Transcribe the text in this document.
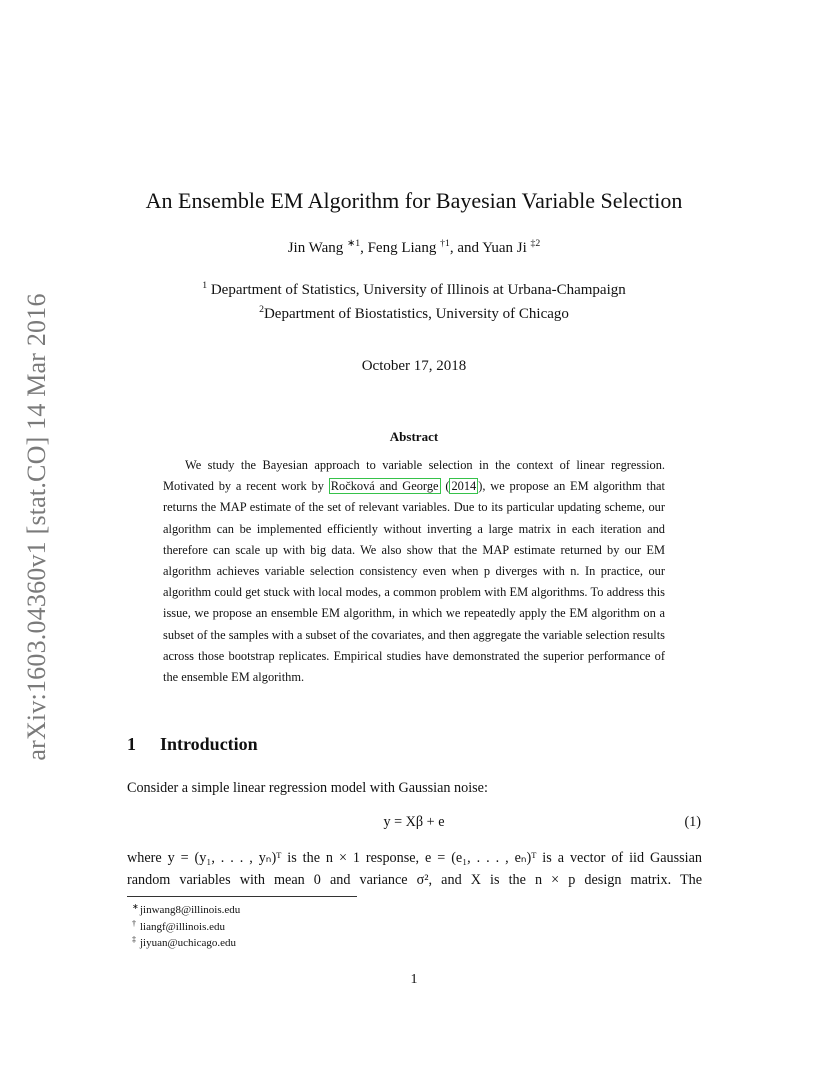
arXiv:1603.04360v1 [stat.CO] 14 Mar 2016
An Ensemble EM Algorithm for Bayesian Variable Selection
Jin Wang $^{∗1}$, Feng Liang $^{\dagger 1}$, and Yuan Ji $^{\ddagger 2}$
$^1$ Department of Statistics, University of Illinois at Urbana-Champaign
$^2$Department of Biostatistics, University of Chicago
October 17, 2018
Abstract

We study the Bayesian approach to variable selection in the context of linear regression. Motivated by a recent work by Ročková and George ( 2014 ), we propose an EM algorithm that returns the MAP estimate of the set of relevant variables. Due to its particular updating scheme, our algorithm can be implemented efficiently without inverting a large matrix in each iteration and therefore can scale up with big data. We also show that the MAP estimate returned by our EM algorithm achieves variable selection consistency even when p diverges with n. In practice, our algorithm could get stuck with local modes, a common problem with EM algorithms. To address this issue, we propose an ensemble EM algorithm, in which we repeatedly apply the EM algorithm on a subset of the samples with a subset of the covariates, and then aggregate the variable selection results across those bootstrap replicates. Empirical studies have demonstrated the superior performance of the ensemble EM algorithm.

1 Introduction
Consider a simple linear regression model with Gaussian noise:
y = Xβ + e	(1)
where y = (y₁, . . . , yₙ)ᵀ is the n × 1 response, e = (e₁, . . . , eₙ)ᵀ is a vector of iid Gaussian
random variables with mean 0 and variance σ², and X is the n × p design matrix. The
∗ jinwang8@illinois.edu
† liangf@illinois.edu
‡ jiyuan@uchicago.edu
1
